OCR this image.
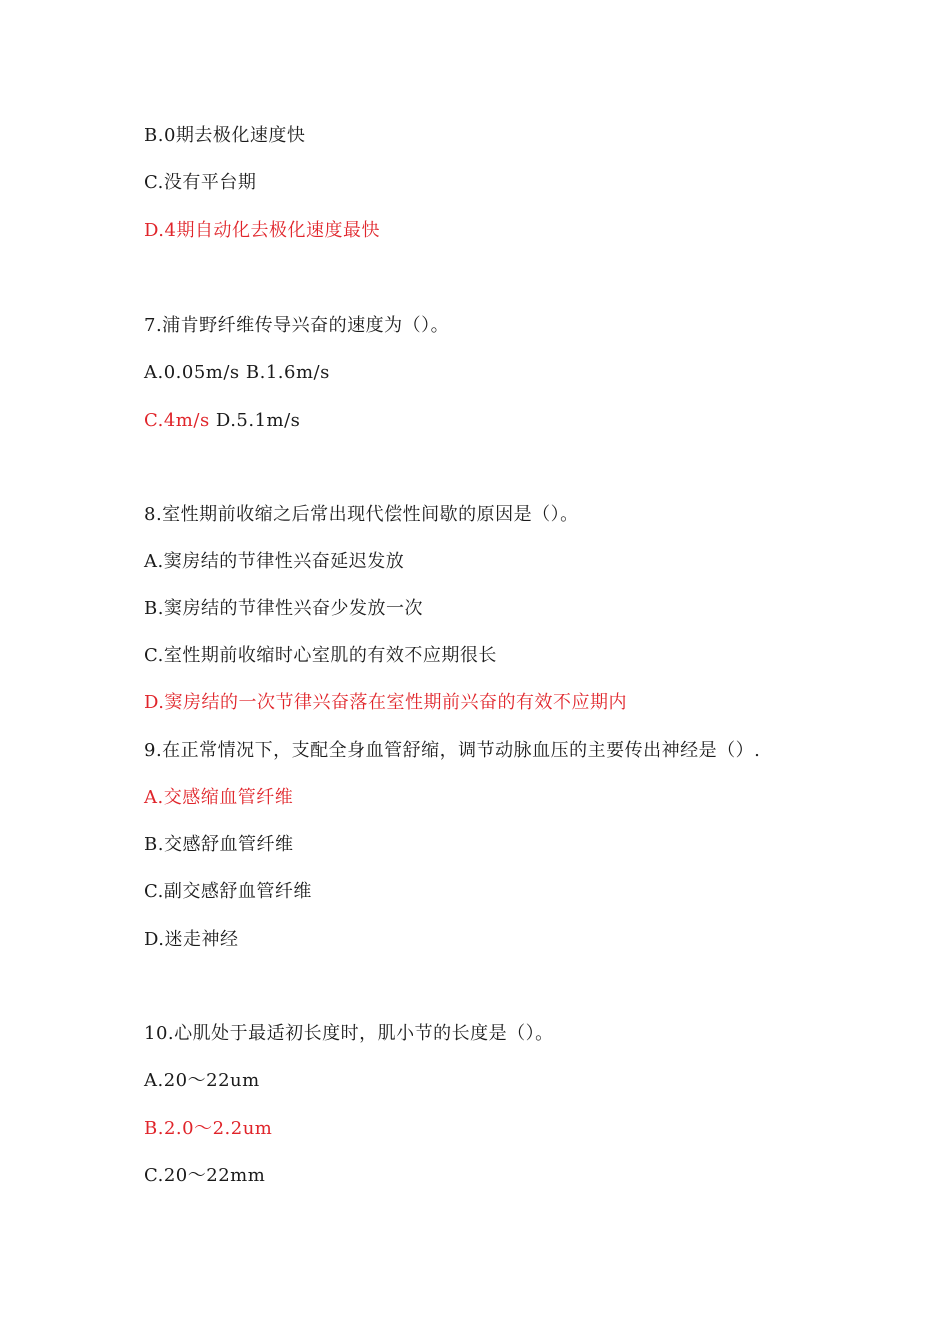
B.0期去极化速度快
C.没有平台期
D.4期自动化去极化速度最快
7.浦肯野纤维传导兴奋的速度为（）。
A.0.05m/s B.1.6m/s
C.4m/s D.5.1m/s
8.室性期前收缩之后常出现代偿性间歇的原因是（）。
A.窦房结的节律性兴奋延迟发放
B.窦房结的节律性兴奋少发放一次
C.室性期前收缩时心室肌的有效不应期很长
D.窦房结的一次节律兴奋落在室性期前兴奋的有效不应期内
9.在正常情况下，支配全身血管舒缩，调节动脉血压的主要传出神经是（）.
A.交感缩血管纤维
B.交感舒血管纤维
C.副交感舒血管纤维
D.迷走神经
10.心肌处于最适初长度时，肌小节的长度是（）。
A.20～22um
B.2.0～2.2um
C.20～22mm
